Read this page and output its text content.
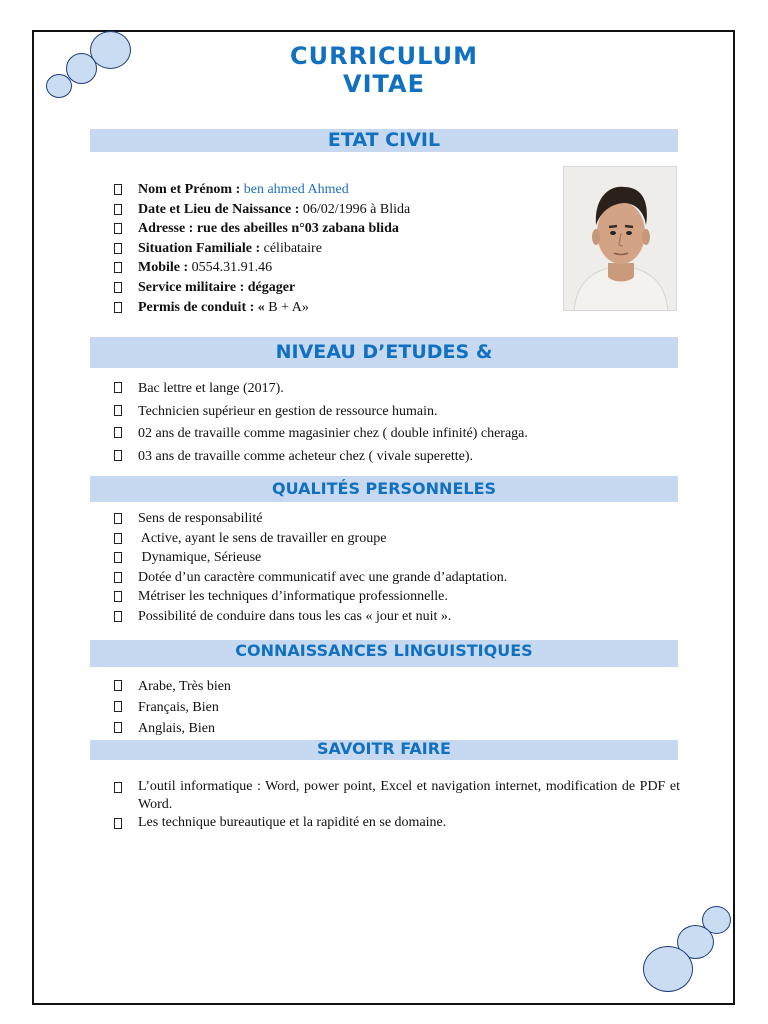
CURRICULUM
VITAE
ETAT CIVIL
Nom et Prénom : ben ahmed Ahmed
Date et Lieu de Naissance : 06/02/1996 à Blida
Adresse : rue des abeilles n°03 zabana blida
Situation Familiale : célibataire
Mobile : 0554.31.91.46
Service militaire : dégager
Permis de conduit : « B + A»
NIVEAU D’ETUDES &
Bac lettre et lange (2017).
Technicien supérieur en gestion de ressource humain.
02 ans de travaille comme magasinier chez ( double infinité) cheraga.
03 ans de travaille comme acheteur chez ( vivale superette).
QUALITÉS PERSONNELES
Sens de responsabilité
Active, ayant le sens de travailler en groupe
Dynamique, Sérieuse
Dotée d’un caractère communicatif avec une grande d’adaptation.
Métriser les techniques d’informatique professionnelle.
Possibilité de conduire dans tous les cas « jour et nuit ».
CONNAISSANCES LINGUISTIQUES
Arabe, Très bien
Français, Bien
Anglais, Bien
SAVOITR FAIRE
L’outil informatique : Word, power point, Excel et navigation internet, modification de PDF et Word.
Les technique bureautique et la rapidité en se domaine.
